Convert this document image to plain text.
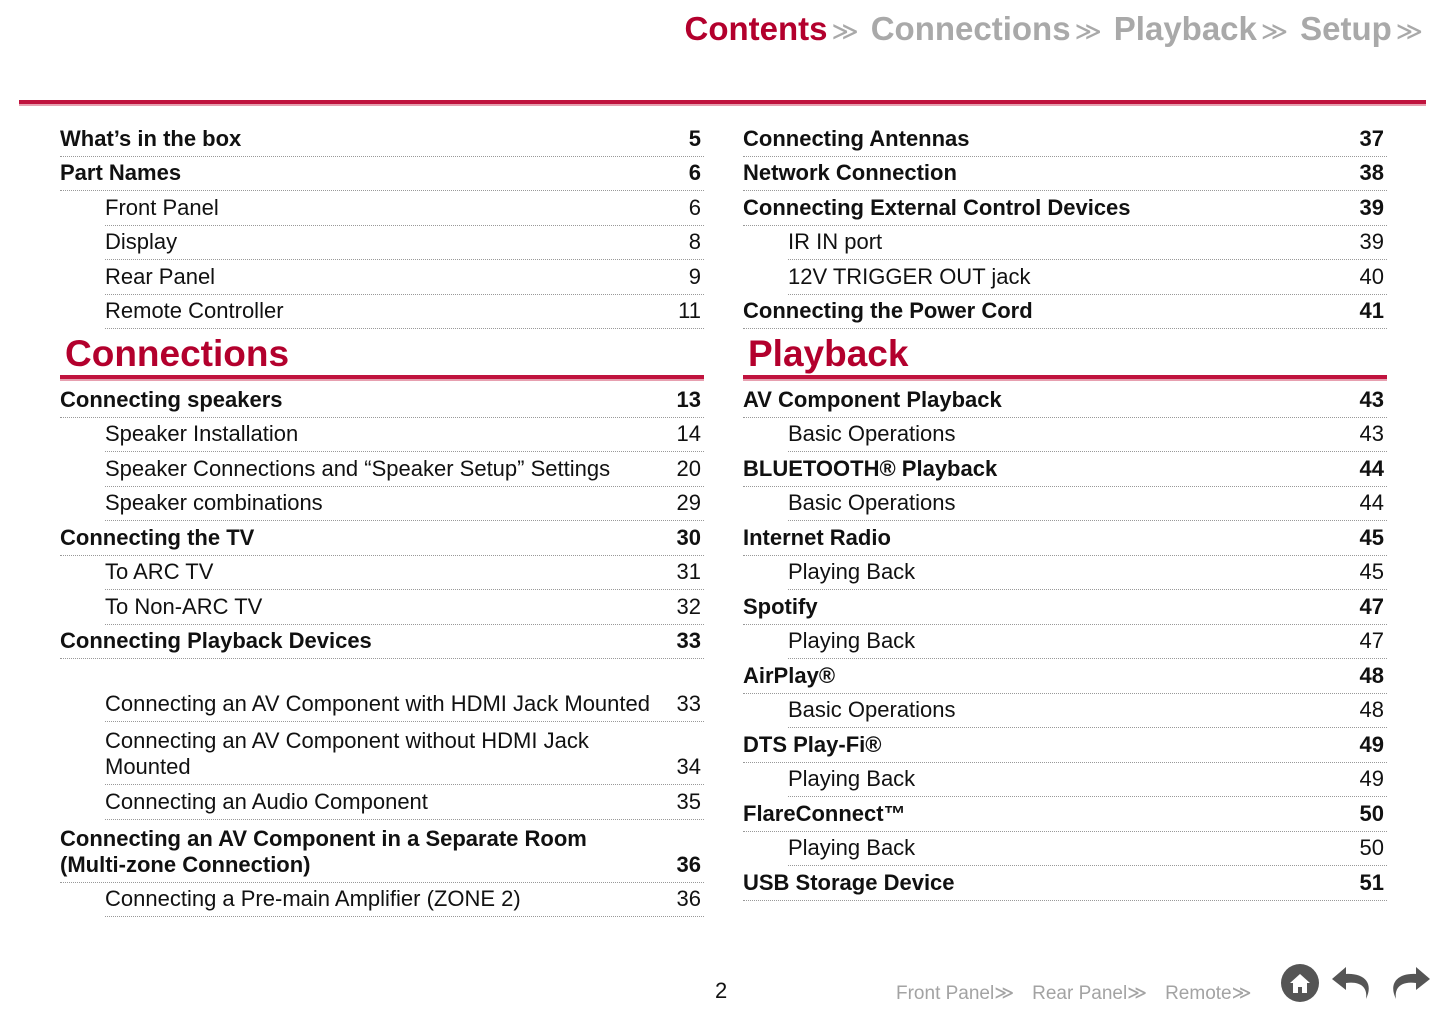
Contents ≫ Connections ≫ Playback ≫ Setup ≫
What’s in the box	5
Part Names	6
Front Panel	6
Display	8
Rear Panel	9
Remote Controller	11
Connections
Connecting speakers	13
Speaker Installation	14
Speaker Connections and “Speaker Setup” Settings	20
Speaker combinations	29
Connecting the TV	30
To ARC TV	31
To Non-ARC TV	32
Connecting Playback Devices	33
Connecting an AV Component with HDMI Jack Mounted 33
Connecting an AV Component without HDMI Jack Mounted	34
Connecting an Audio Component	35
Connecting an AV Component in a Separate Room (Multi-zone Connection)	36
Connecting a Pre-main Amplifier (ZONE 2)	36
Connecting Antennas	37
Network Connection	38
Connecting External Control Devices	39
IR IN port	39
12V TRIGGER OUT jack	40
Connecting the Power Cord	41
Playback
AV Component Playback	43
Basic Operations	43
BLUETOOTH® Playback	44
Basic Operations	44
Internet Radio	45
Playing Back	45
Spotify	47
Playing Back	47
AirPlay®	48
Basic Operations	48
DTS Play-Fi®	49
Playing Back	49
FlareConnect™	50
Playing Back	50
USB Storage Device	51
2	Front Panel≫ Rear Panel≫ Remote≫
